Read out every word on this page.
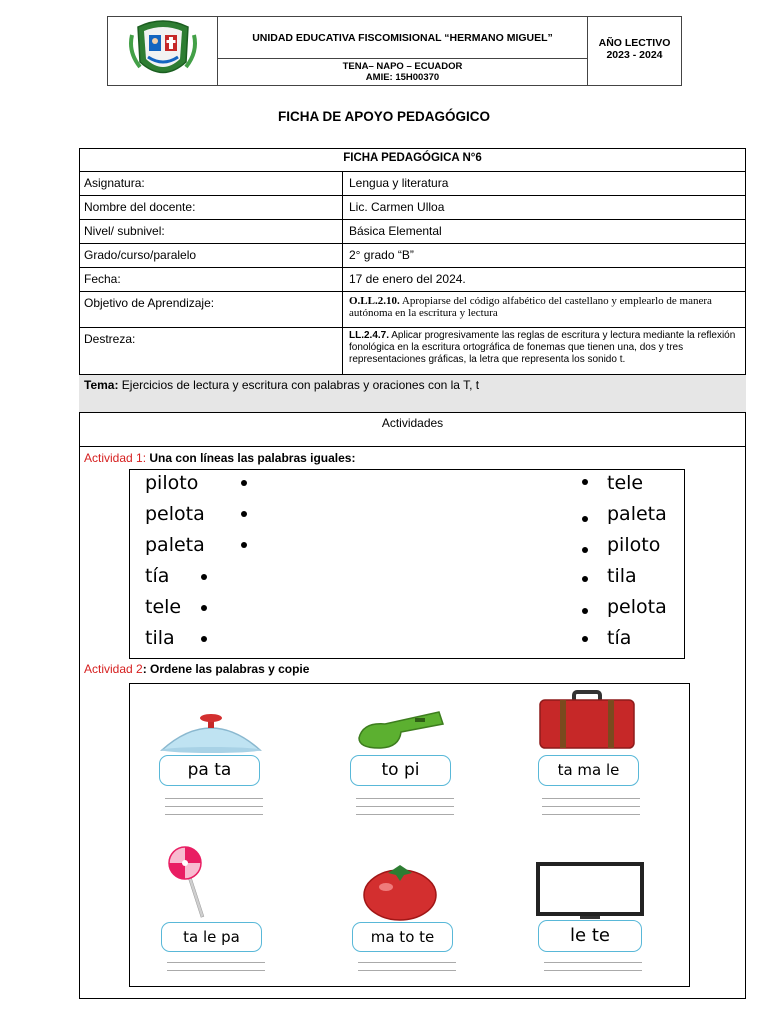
UNIDAD EDUCATIVA FISCOMISIONAL “HERMANO MIGUEL”
TENA– NAPO – ECUADOR
AMIE: 15H00370
AÑO LECTIVO
2023 - 2024
FICHA DE APOYO PEDAGÓGICO
FICHA PEDAGÓGICA N°6
Asignatura:	Lengua y literatura
Nombre del docente:	Lic. Carmen Ulloa
Nivel/ subnivel:	Básica Elemental
Grado/curso/paralelo	2° grado “B”
Fecha:	17 de enero del 2024.
Objetivo de Aprendizaje:	O.LL.2.10. Apropiarse del código alfabético del castellano y emplearlo de manera autónoma en la escritura y lectura
Destreza:	LL.2.4.7. Aplicar progresivamente las reglas de escritura y lectura mediante la reflexión fonológica en la escritura ortográfica de fonemas que tienen una, dos y tres representaciones gráficas, la letra que representa los sonido t.
Tema: Ejercicios de lectura y escritura con palabras y oraciones con la T, t
Actividades
Actividad 1: Una con líneas las palabras iguales:
piloto
pelota
paleta
tía
tele
tila
tele
paleta
piloto
tila
pelota
tía
Actividad 2: Ordene las palabras y copie
pa ta	to pi	ta ma le
ta le pa	ma to te	le te
